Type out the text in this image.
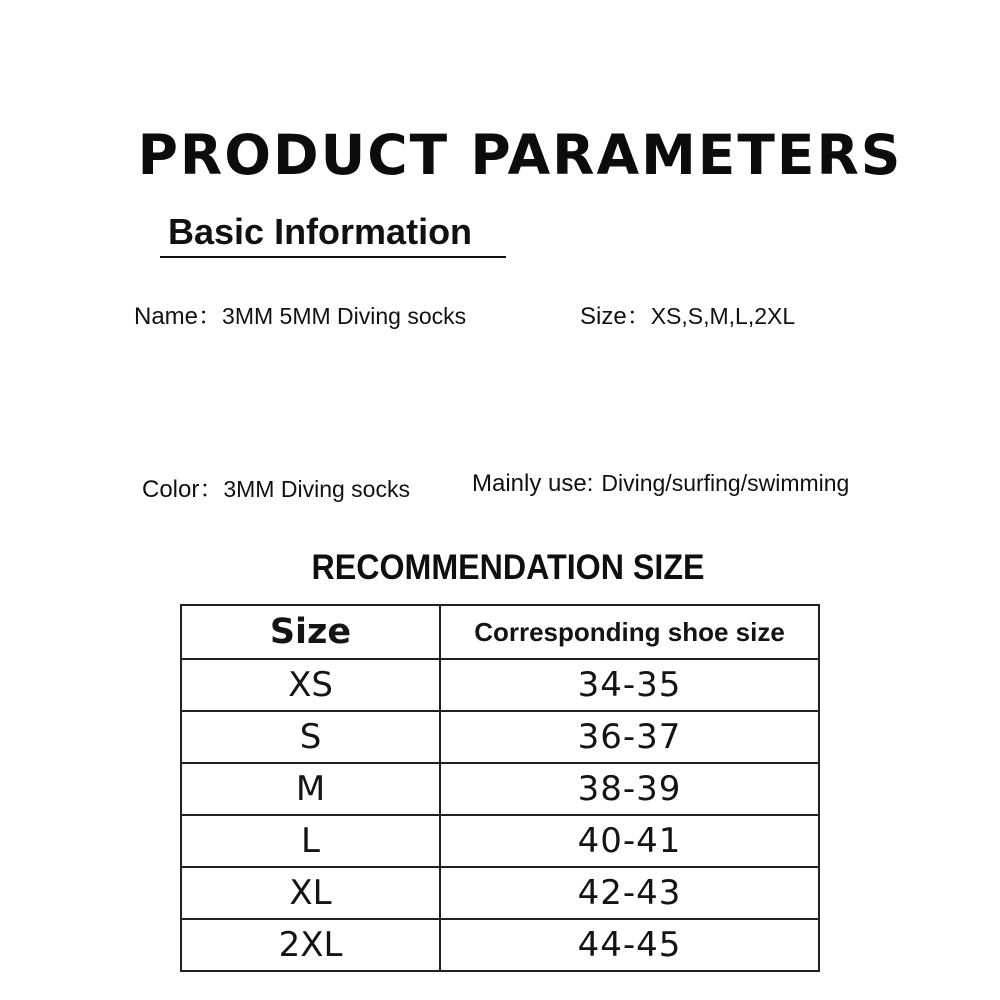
PRODUCT PARAMETERS
Basic Information
Name：3MM 5MM Diving socks	Size：XS,S,M,L,2XL
Color：3MM Diving socks	Mainly use: Diving/surfing/swimming
RECOMMENDATION SIZE
Size	Corresponding shoe size
XS	34-35
S	36-37
M	38-39
L	40-41
XL	42-43
2XL	44-45
